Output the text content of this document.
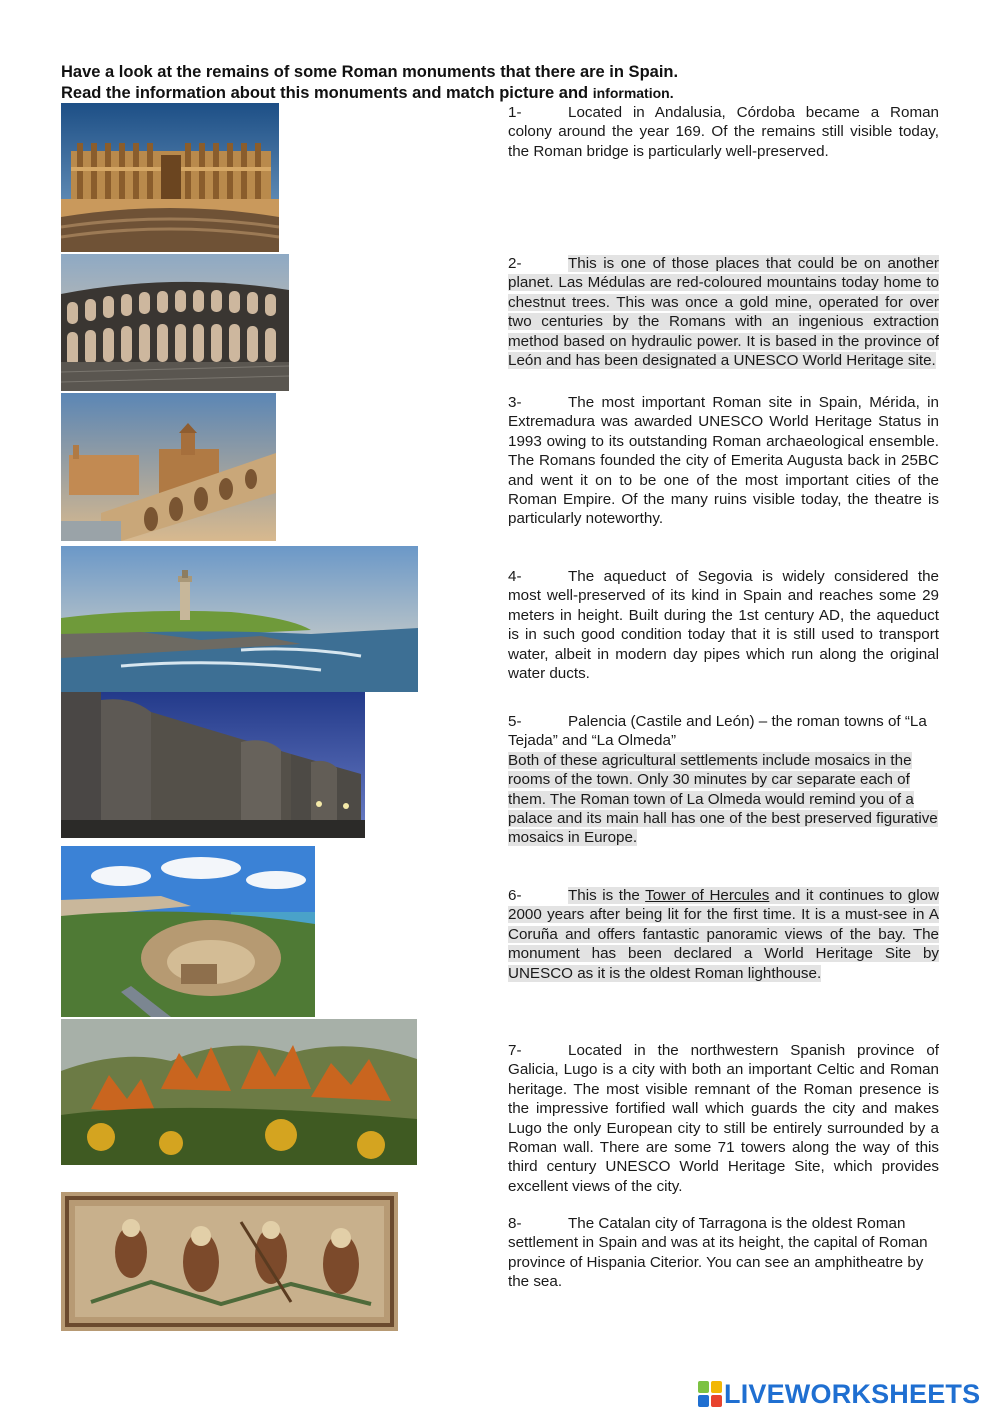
Have a look at the remains of some Roman monuments that there are in Spain.
Read the information about this monuments and match picture and information.
1-	Located in Andalusia, Córdoba became a Roman colony around the year 169. Of the remains still visible today, the Roman bridge is particularly well-preserved.
2-	This is one of those places that could be on another planet. Las Médulas are red-coloured mountains today home to chestnut trees. This was once a gold mine, operated for over two centuries by the Romans with an ingenious extraction method based on hydraulic power. It is based in the province of León and has been designated a UNESCO World Heritage site.
3-	The most important Roman site in Spain, Mérida, in Extremadura was awarded UNESCO World Heritage Status in 1993 owing to its outstanding Roman archaeological ensemble. The Romans founded the city of Emerita Augusta back in 25BC and went it on to be one of the most important cities of the Roman Empire. Of the many ruins visible today, the theatre is particularly noteworthy.
4-	The aqueduct of Segovia is widely considered the most well-preserved of its kind in Spain and reaches some 29 meters in height. Built during the 1st century AD, the aqueduct is in such good condition today that it is still used to transport water, albeit in modern day pipes which run along the original water ducts.
5-	Palencia (Castile and León) – the roman towns of “La Tejada” and “La Olmeda”
Both of these agricultural settlements include mosaics in the rooms of the town. Only 30 minutes by car separate each of them. The Roman town of La Olmeda would remind you of a palace and its main hall has one of the best preserved figurative mosaics in Europe.
6-	This is the Tower of Hercules and it continues to glow 2000 years after being lit for the first time. It is a must-see in A Coruña and offers fantastic panoramic views of the bay. The monument has been declared a World Heritage Site by UNESCO as it is the oldest Roman lighthouse.
7-	Located in the northwestern Spanish province of Galicia, Lugo is a city with both an important Celtic and Roman heritage. The most visible remnant of the Roman presence is the impressive fortified wall which guards the city and makes Lugo the only European city to still be entirely surrounded by a Roman wall. There are some 71 towers along the way of this third century UNESCO World Heritage Site, which provides excellent views of the city.
8-	The Catalan city of Tarragona is the oldest Roman settlement in Spain and was at its height, the capital of Roman province of Hispania Citerior. You can see an amphitheatre by the sea.
LIVEWORKSHEETS
